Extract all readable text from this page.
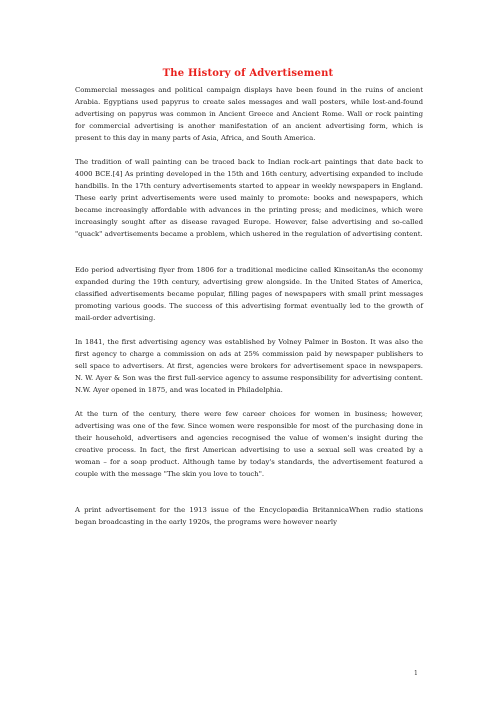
The History of Advertisement

Commercial messages and political campaign displays have been found in the ruins of ancient Arabia. Egyptians used papyrus to create sales messages and wall posters, while lost-and-found advertising on papyrus was common in Ancient Greece and Ancient Rome. Wall or rock painting for commercial advertising is another manifestation of an ancient advertising form, which is present to this day in many parts of Asia, Africa, and South America.

The tradition of wall painting can be traced back to Indian rock-art paintings that date back to 4000 BCE.[4] As printing developed in the 15th and 16th century, advertising expanded to include handbills. In the 17th century advertisements started to appear in weekly newspapers in England. These early print advertisements were used mainly to promote: books and newspapers, which became increasingly affordable with advances in the printing press; and medicines, which were increasingly sought after as disease ravaged Europe. However, false advertising and so-called "quack" advertisements became a problem, which ushered in the regulation of advertising content.

Edo period advertising flyer from 1806 for a traditional medicine called KinseitanAs the economy expanded during the 19th century, advertising grew alongside. In the United States of America, classified advertisements became popular, filling pages of newspapers with small print messages promoting various goods. The success of this advertising format eventually led to the growth of mail-order advertising.

In 1841, the first advertising agency was established by Volney Palmer in Boston. It was also the first agency to charge a commission on ads at 25% commission paid by newspaper publishers to sell space to advertisers. At first, agencies were brokers for advertisement space in newspapers. N. W. Ayer & Son was the first full-service agency to assume responsibility for advertising content. N.W. Ayer opened in 1875, and was located in Philadelphia.

At the turn of the century, there were few career choices for women in business; however, advertising was one of the few. Since women were responsible for most of the purchasing done in their household, advertisers and agencies recognised the value of women's insight during the creative process. In fact, the first American advertising to use a sexual sell was created by a woman – for a soap product. Although tame by today's standards, the advertisement featured a couple with the message "The skin you love to touch".

A print advertisement for the 1913 issue of the Encyclopædia BritannicaWhen radio stations began broadcasting in the early 1920s, the programs were however nearly

1
